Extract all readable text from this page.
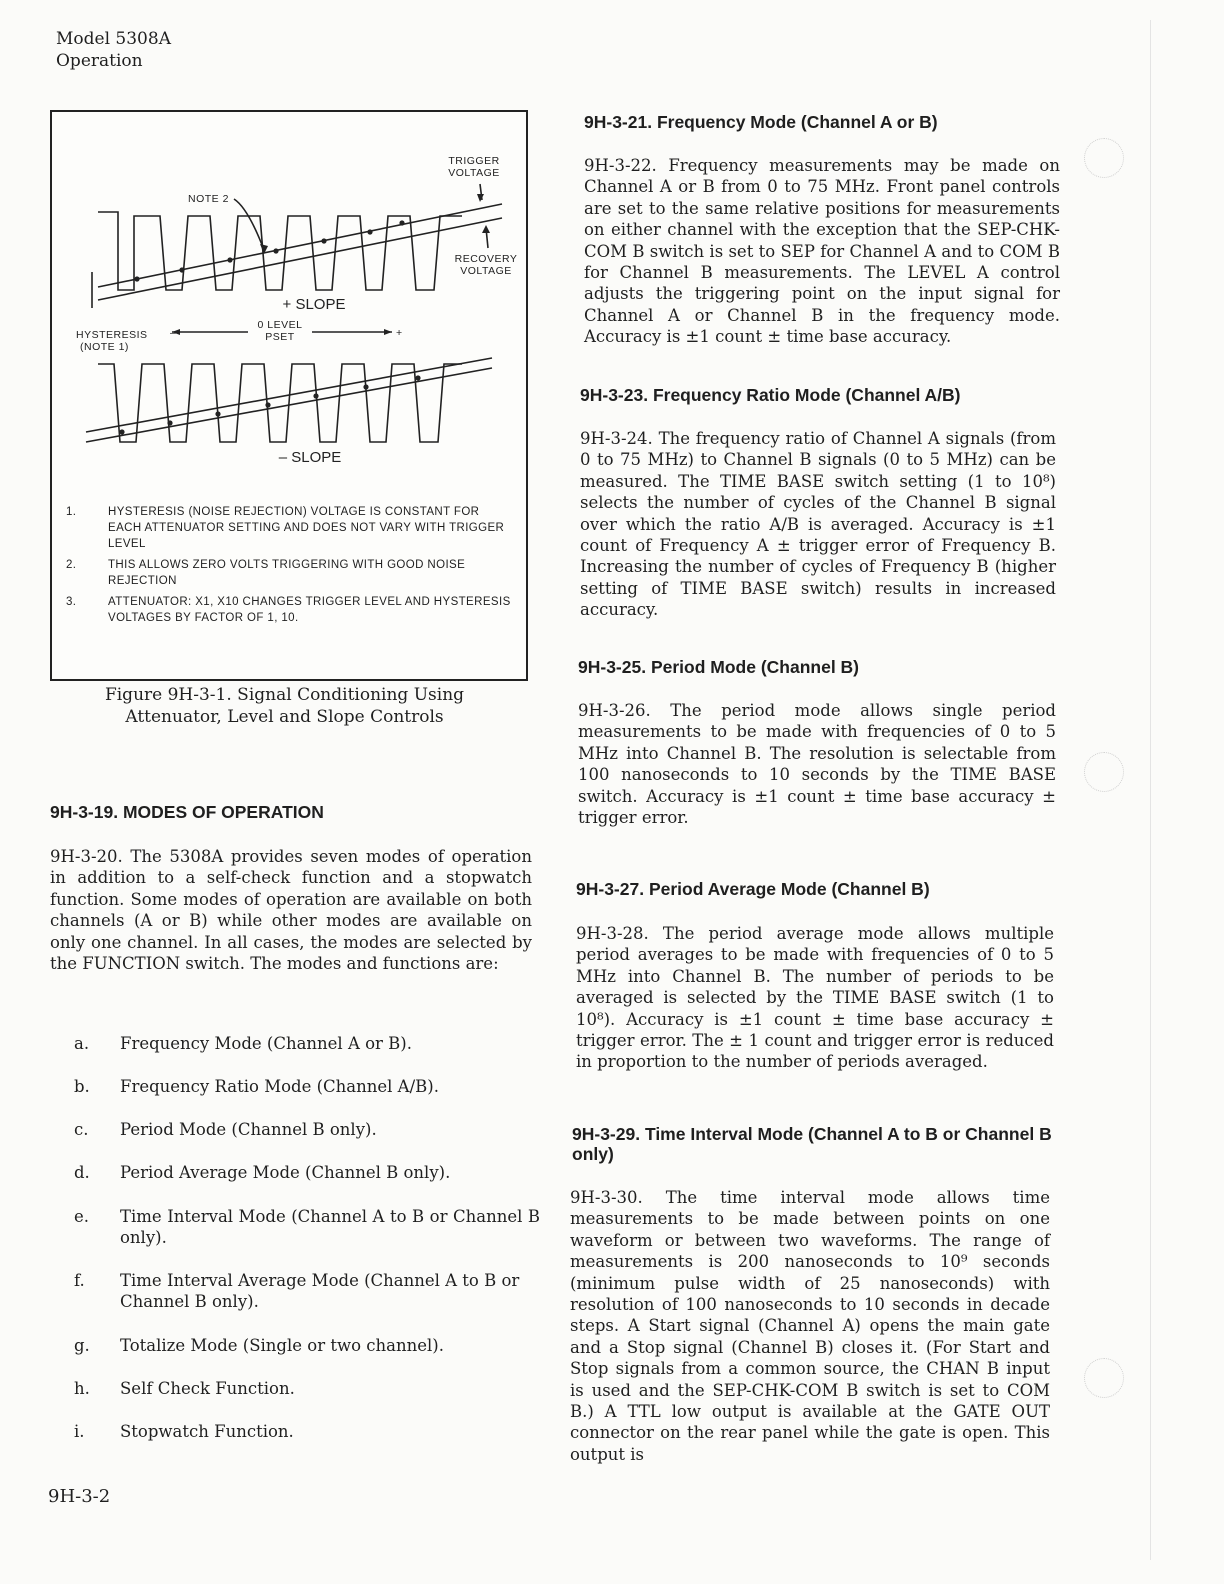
Model 5308A
Operation
TRIGGER
VOLTAGE
NOTE 2
RECOVERY
VOLTAGE
HYSTERESIS
(NOTE 1)
0 LEVEL
PSET
–	+
+ SLOPE
– SLOPE
1.	HYSTERESIS (NOISE REJECTION) VOLTAGE IS CONSTANT FOR EACH ATTENUATOR SETTING AND DOES NOT VARY WITH TRIGGER LEVEL
2.	THIS ALLOWS ZERO VOLTS TRIGGERING WITH GOOD NOISE REJECTION
3.	ATTENUATOR: X1, X10 CHANGES TRIGGER LEVEL AND HYSTERESIS VOLTAGES BY FACTOR OF 1, 10.
Figure 9H-3-1. Signal Conditioning Using
Attenuator, Level and Slope Controls
9H-3-19. MODES OF OPERATION

9H-3-20. The 5308A provides seven modes of operation in addition to a self-check function and a stopwatch function. Some modes of operation are available on both channels (A or B) while other modes are available on only one channel. In all cases, the modes are selected by the FUNCTION switch. The modes and functions are:

a.	Frequency Mode (Channel A or B).
b.	Frequency Ratio Mode (Channel A/B).
c.	Period Mode (Channel B only).
d.	Period Average Mode (Channel B only).
e.	Time Interval Mode (Channel A to B or Channel B only).
f.	Time Interval Average Mode (Channel A to B or Channel B only).
g.	Totalize Mode (Single or two channel).
h.	Self Check Function.
i.	Stopwatch Function.
9H-3-21. Frequency Mode (Channel A or B)

9H-3-22. Frequency measurements may be made on Channel A or B from 0 to 75 MHz. Front panel controls are set to the same relative positions for measurements on either channel with the exception that the SEP-CHK-COM B switch is set to SEP for Channel A and to COM B for Channel B measurements. The LEVEL A control adjusts the triggering point on the input signal for Channel A or Channel B in the frequency mode. Accuracy is ±1 count ± time base accuracy.

9H-3-23. Frequency Ratio Mode (Channel A/B)

9H-3-24. The frequency ratio of Channel A signals (from 0 to 75 MHz) to Channel B signals (0 to 5 MHz) can be measured. The TIME BASE switch setting (1 to 10⁸) selects the number of cycles of the Channel B signal over which the ratio A/B is averaged. Accuracy is ±1 count of Frequency A ± trigger error of Frequency B. Increasing the number of cycles of Frequency B (higher setting of TIME BASE switch) results in increased accuracy.

9H-3-25. Period Mode (Channel B)

9H-3-26. The period mode allows single period measurements to be made with frequencies of 0 to 5 MHz into Channel B. The resolution is selectable from 100 nanoseconds to 10 seconds by the TIME BASE switch. Accuracy is ±1 count ± time base accuracy ± trigger error.

9H-3-27. Period Average Mode (Channel B)

9H-3-28. The period average mode allows multiple period averages to be made with frequencies of 0 to 5 MHz into Channel B. The number of periods to be averaged is selected by the TIME BASE switch (1 to 10⁸). Accuracy is ±1 count ± time base accuracy ± trigger error. The ± 1 count and trigger error is reduced in proportion to the number of periods averaged.

9H-3-29. Time Interval Mode (Channel A to B or Channel B only)

9H-3-30. The time interval mode allows time measurements to be made between points on one waveform or between two waveforms. The range of measurements is 200 nanoseconds to 10⁹ seconds (minimum pulse width of 25 nanoseconds) with resolution of 100 nanoseconds to 10 seconds in decade steps. A Start signal (Channel A) opens the main gate and a Stop signal (Channel B) closes it. (For Start and Stop signals from a common source, the CHAN B input is used and the SEP-CHK-COM B switch is set to COM B.) A TTL low output is available at the GATE OUT connector on the rear panel while the gate is open. This output is

9H-3-2
